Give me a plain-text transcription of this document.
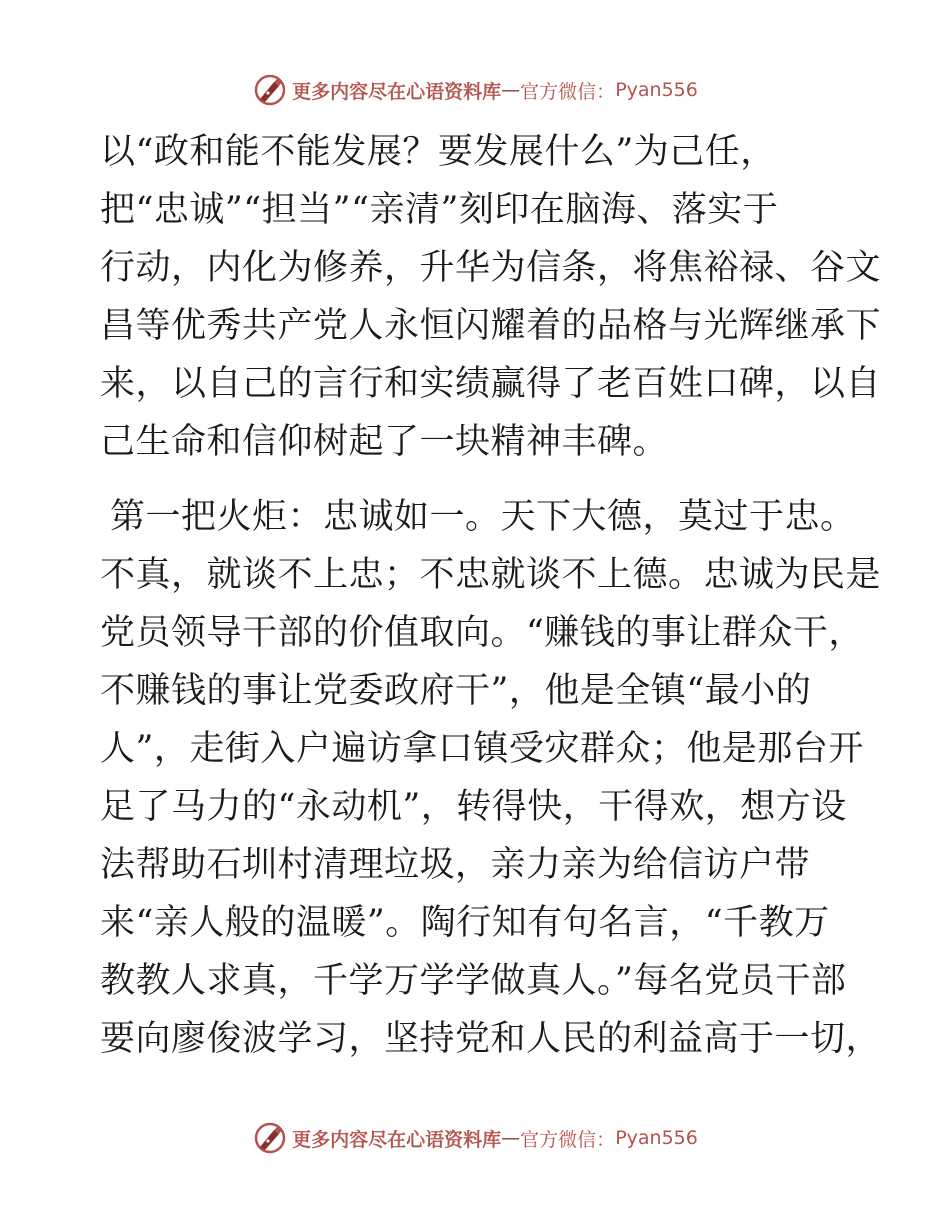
更多内容尽在心语资料库 — 官方微信： Pyan556
以“政和能不能发展？要发展什么”为己任，
把“忠诚”“担当”“亲清”刻印在脑海、落实于
行动，内化为修养，升华为信条，将焦裕禄、谷文
昌等优秀共产党人永恒闪耀着的品格与光辉继承下
来，以自己的言行和实绩赢得了老百姓口碑，以自
己生命和信仰树起了一块精神丰碑。
第一把火炬：忠诚如一。天下大德，莫过于忠。
不真，就谈不上忠；不忠就谈不上德。忠诚为民是
党员领导干部的价值取向。“赚钱的事让群众干，
不赚钱的事让党委政府干”，他是全镇“最小的
人”，走街入户遍访拿口镇受灾群众；他是那台开
足了马力的“永动机”，转得快，干得欢，想方设
法帮助石圳村清理垃圾，亲力亲为给信访户带
来“亲人般的温暖”。陶行知有句名言，“千教万
教教人求真，千学万学学做真人。”每名党员干部
要向廖俊波学习，坚持党和人民的利益高于一切，
更多内容尽在心语资料库 — 官方微信： Pyan556
